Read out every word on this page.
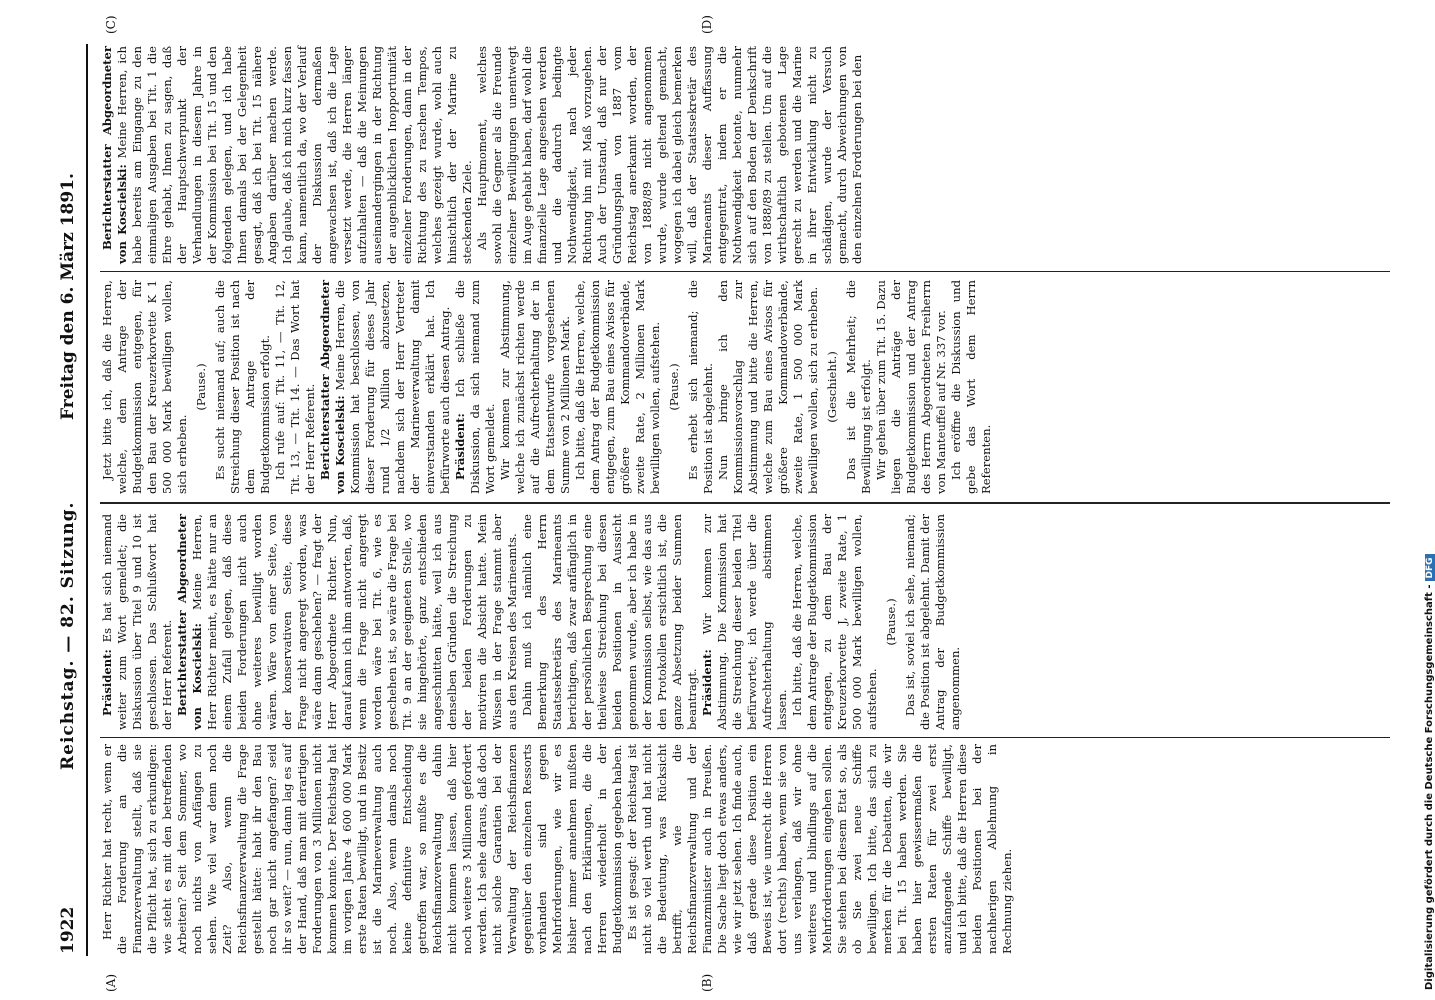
1922
Reichstag. — 82. Sitzung.
Freitag den 6. März 1891.
(A)	(B)
(C)	(D)

Herr Richter hat recht, wenn er die Forderung an die Finanzverwaltung stellt, daß sie die Pflicht hat, sich zu erkundigen: wie steht es mit den betreffenden Arbeiten? Seit dem Sommer, wo noch nichts von Anfängen zu sehen. Wie viel war denn noch Zeit? Also, wenn die Reichsfinanzverwaltung die Frage gestellt hätte: habt ihr den Bau noch gar nicht angefangen? seid ihr so weit? — nun, dann lag es auf der Hand, daß man mit derartigen Forderungen von 3 Millionen nicht kommen konnte. Der Reichstag hat im vorigen Jahre 4 600 000 Mark erste Raten bewilligt, und in Besitz ist die Marineverwaltung auch noch. Also, wenn damals noch keine definitive Entscheidung getroffen war, so mußte es die Reichsfinanzverwaltung dahin nicht kommen lassen, daß hier noch weitere 3 Millionen gefordert werden. Ich sehe daraus, daß doch nicht solche Garantien bei der Verwaltung der Reichsfinanzen gegenüber den einzelnen Ressorts vorhanden sind gegen Mehrforderungen, wie wir es bisher immer annehmen mußten nach den Erklärungen, die die Herren wiederholt in der Budgetkommission gegeben haben. Es ist gesagt: der Reichstag ist nicht so viel werth und hat nicht die Bedeutung, was Rücksicht betrifft, wie die Reichsfinanzverwaltung und der Finanzminister auch in Preußen. Die Sache liegt doch etwas anders, wie wir jetzt sehen. Ich finde auch, daß gerade diese Position ein Beweis ist, wie unrecht die Herren dort (rechts) haben, wenn sie von uns verlangen, daß wir ohne weiteres und blindlings auf die Mehrforderungen eingehen sollen. Sie stehen bei diesem Etat so, als ob Sie zwei neue Schiffe bewilligen. Ich bitte, das sich zu merken für die Debatten, die wir bei Tit. 15 haben werden. Sie haben hier gewissermaßen die ersten Raten für zwei erst anzufangende Schiffe bewilligt, und ich bitte, daß die Herren diese beiden Positionen bei der nachherigen Ablehnung in Rechnung ziehen.

Präsident: Es hat sich niemand weiter zum Wort gemeldet; die Diskussion über Titel 9 und 10 ist geschlossen. Das Schlußwort hat der Herr Referent. Berichterstatter Abgeordneter von Koscielski: Meine Herren, Herr Richter meint, es hätte nur an einem Zufall gelegen, daß diese beiden Forderungen nicht auch ohne weiteres bewilligt worden wären. Wäre von einer Seite, von der konservativen Seite, diese Frage nicht angeregt worden, was wäre dann geschehen? — fragt der Herr Abgeordnete Richter. Nun, darauf kann ich ihm antworten, daß, wenn die Frage nicht angeregt worden wäre bei Tit. 6, wie es geschehen ist, so wäre die Frage bei Tit. 9 an der geeigneten Stelle, wo sie hingehörte, ganz entschieden angeschnitten hätte, weil ich aus denselben Gründen die Streichung der beiden Forderungen zu motiviren die Absicht hatte. Mein Wissen in der Frage stammt aber aus den Kreisen des Marineamts. Dahin muß ich nämlich eine Bemerkung des Herrn Staatssekretärs des Marineamts berichtigen, daß zwar anfänglich in der persönlichen Besprechung eine theilweise Streichung bei diesen beiden Positionen in Aussicht genommen wurde, aber ich habe in der Kommission selbst, wie das aus den Protokollen ersichtlich ist, die ganze Absetzung beider Summen beantragt. Präsident: Wir kommen zur Abstimmung. Die Kommission hat die Streichung dieser beiden Titel befürwortet; ich werde über die Aufrechterhaltung abstimmen lassen. Ich bitte, daß die Herren, welche, dem Antrage der Budgetkommission entgegen, zu dem Bau der Kreuzerkorvette J, zweite Rate, 1 500 000 Mark bewilligen wollen, aufstehen.

(Pause.) Das ist, soviel ich sehe, niemand; die Position ist abgelehnt. Damit der Antrag der Budgetkommission angenommen.

Jetzt bitte ich, daß die Herren, welche, dem Antrage der Budgetkommission entgegen, für den Bau der Kreuzerkorvette K 1 500 000 Mark bewilligen wollen, sich erheben.

(Pause.) Es sucht niemand auf; auch die Streichung dieser Position ist nach dem Antrage der Budgetkommission erfolgt. Ich rufe auf: Tit. 11, — Tit. 12, Tit. 13, — Tit. 14. — Das Wort hat der Herr Referent. Berichterstatter Abgeordneter von Koscielski: Meine Herren, die Kommission hat beschlossen, von dieser Forderung für dieses Jahr rund 1/2 Million abzusetzen, nachdem sich der Herr Vertreter der Marineverwaltung damit einverstanden erklärt hat. Ich befürworte auch diesen Antrag. Präsident: Ich schließe die Diskussion, da sich niemand zum Wort gemeldet. Wir kommen zur Abstimmung, welche ich zunächst richten werde auf die Aufrechterhaltung der in dem Etatsentwurfe vorgesehenen Summe von 2 Millionen Mark. Ich bitte, daß die Herren, welche, dem Antrag der Budgetkommission entgegen, zum Bau eines Avisos für größere Kommandoverbände, zweite Rate, 2 Millionen Mark bewilligen wollen, aufstehen. (Pause.) Es erhebt sich niemand; die Position ist abgelehnt. Nun bringe ich den Kommissionsvorschlag zur Abstimmung und bitte die Herren, welche zum Bau eines Avisos für größere Kommandoverbände, zweite Rate, 1 500 000 Mark bewilligen wollen, sich zu erheben. (Geschieht.) Das ist die Mehrheit; die Bewilligung ist erfolgt. Wir gehen über zum Tit. 15. Dazu liegen die Anträge der Budgetkommission und der Antrag des Herrn Abgeordneten Freiherrn von Manteuffel auf Nr. 337 vor. Ich eröffne die Diskussion und gebe das Wort dem Herrn Referenten.

Berichterstatter Abgeordneter von Koscielski: Meine Herren, ich habe bereits am Eingange zu den einmaligen Ausgaben bei Tit. 1 die Ehre gehabt, Ihnen zu sagen, daß der Hauptschwerpunkt der Verhandlungen in diesem Jahre in der Kommission bei Tit. 15 und den folgenden gelegen, und ich habe Ihnen damals bei der Gelegenheit gesagt, daß ich bei Tit. 15 nähere Angaben darüber machen werde. Ich glaube, daß ich mich kurz fassen kann, namentlich da, wo der Verlauf der Diskussion dermaßen angewachsen ist, daß ich die Lage versetzt werde, die Herren länger aufzuhalten — daß die Meinungen auseinandergingen in der Richtung der augenblicklichen Inopportunität einzelner Forderungen, dann in der Richtung des zu raschen Tempos, welches gezeigt wurde, wohl auch hinsichtlich der der Marine zu steckenden Ziele. Als Hauptmoment, welches sowohl die Gegner als die Freunde einzelner Bewilligungen unentwegt im Auge gehabt haben, darf wohl die finanzielle Lage angesehen werden und die dadurch bedingte Nothwendigkeit, nach jeder Richtung hin mit Maß vorzugehen. Auch der Umstand, daß nur der Gründungsplan von 1887 vom Reichstag anerkannt worden, der von 1888/89 nicht angenommen wurde, wurde geltend gemacht, wogegen ich dabei gleich bemerken will, daß der Staatssekretär des Marineamts dieser Auffassung entgegentrat, indem er die Nothwendigkeit betonte, nunmehr sich auf den Boden der Denkschrift von 1888/89 zu stellen. Um auf die wirthschaftlich gebotenen Lage gerecht zu werden und die Marine in ihrer Entwicklung nicht zu schädigen, wurde der Versuch gemacht, durch Abweichungen von den einzelnen Forderungen bei den

Digitalisierung gefördert durch die Deutsche Forschungsgemeinschaft -DFG
